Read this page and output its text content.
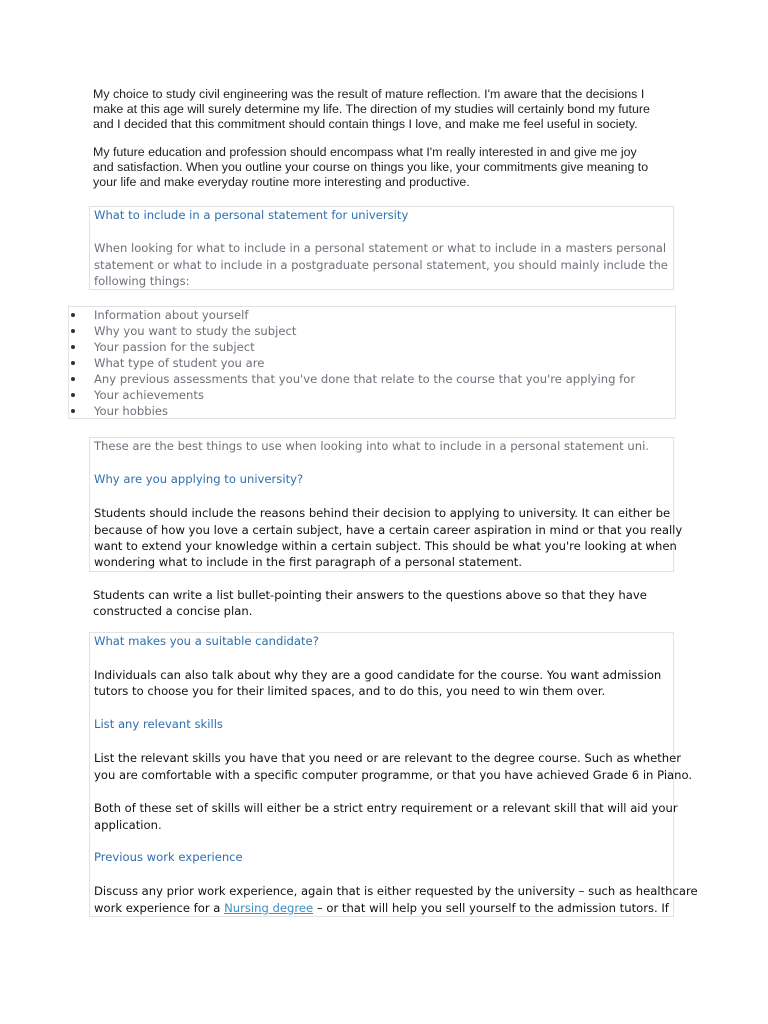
My choice to study civil engineering was the result of mature reflection. I'm aware that the decisions I
make at this age will surely determine my life. The direction of my studies will certainly bond my future
and I decided that this commitment should contain things I love, and make me feel useful in society.

My future education and profession should encompass what I'm really interested in and give me joy
and satisfaction. When you outline your course on things you like, your commitments give meaning to
your life and make everyday routine more interesting and productive.

What to include in a personal statement for university

When looking for what to include in a personal statement or what to include in a masters personal

statement or what to include in a postgraduate personal statement, you should mainly include the

following things:

Information about yourself
Why you want to study the subject
Your passion for the subject
What type of student you are
Any previous assessments that you've done that relate to the course that you're applying for
Your achievements
Your hobbies

These are the best things to use when looking into what to include in a personal statement uni.

Why are you applying to university?

Students should include the reasons behind their decision to applying to university. It can either be

because of how you love a certain subject, have a certain career aspiration in mind or that you really

want to extend your knowledge within a certain subject. This should be what you're looking at when

wondering what to include in the first paragraph of a personal statement.

Students can write a list bullet-pointing their answers to the questions above so that they have

constructed a concise plan.

What makes you a suitable candidate?

Individuals can also talk about why they are a good candidate for the course. You want admission

tutors to choose you for their limited spaces, and to do this, you need to win them over.

List any relevant skills

List the relevant skills you have that you need or are relevant to the degree course. Such as whether

you are comfortable with a specific computer programme, or that you have achieved Grade 6 in Piano.

Both of these set of skills will either be a strict entry requirement or a relevant skill that will aid your

application.

Previous work experience

Discuss any prior work experience, again that is either requested by the university – such as healthcare

work experience for a Nursing degree – or that will help you sell yourself to the admission tutors. If
